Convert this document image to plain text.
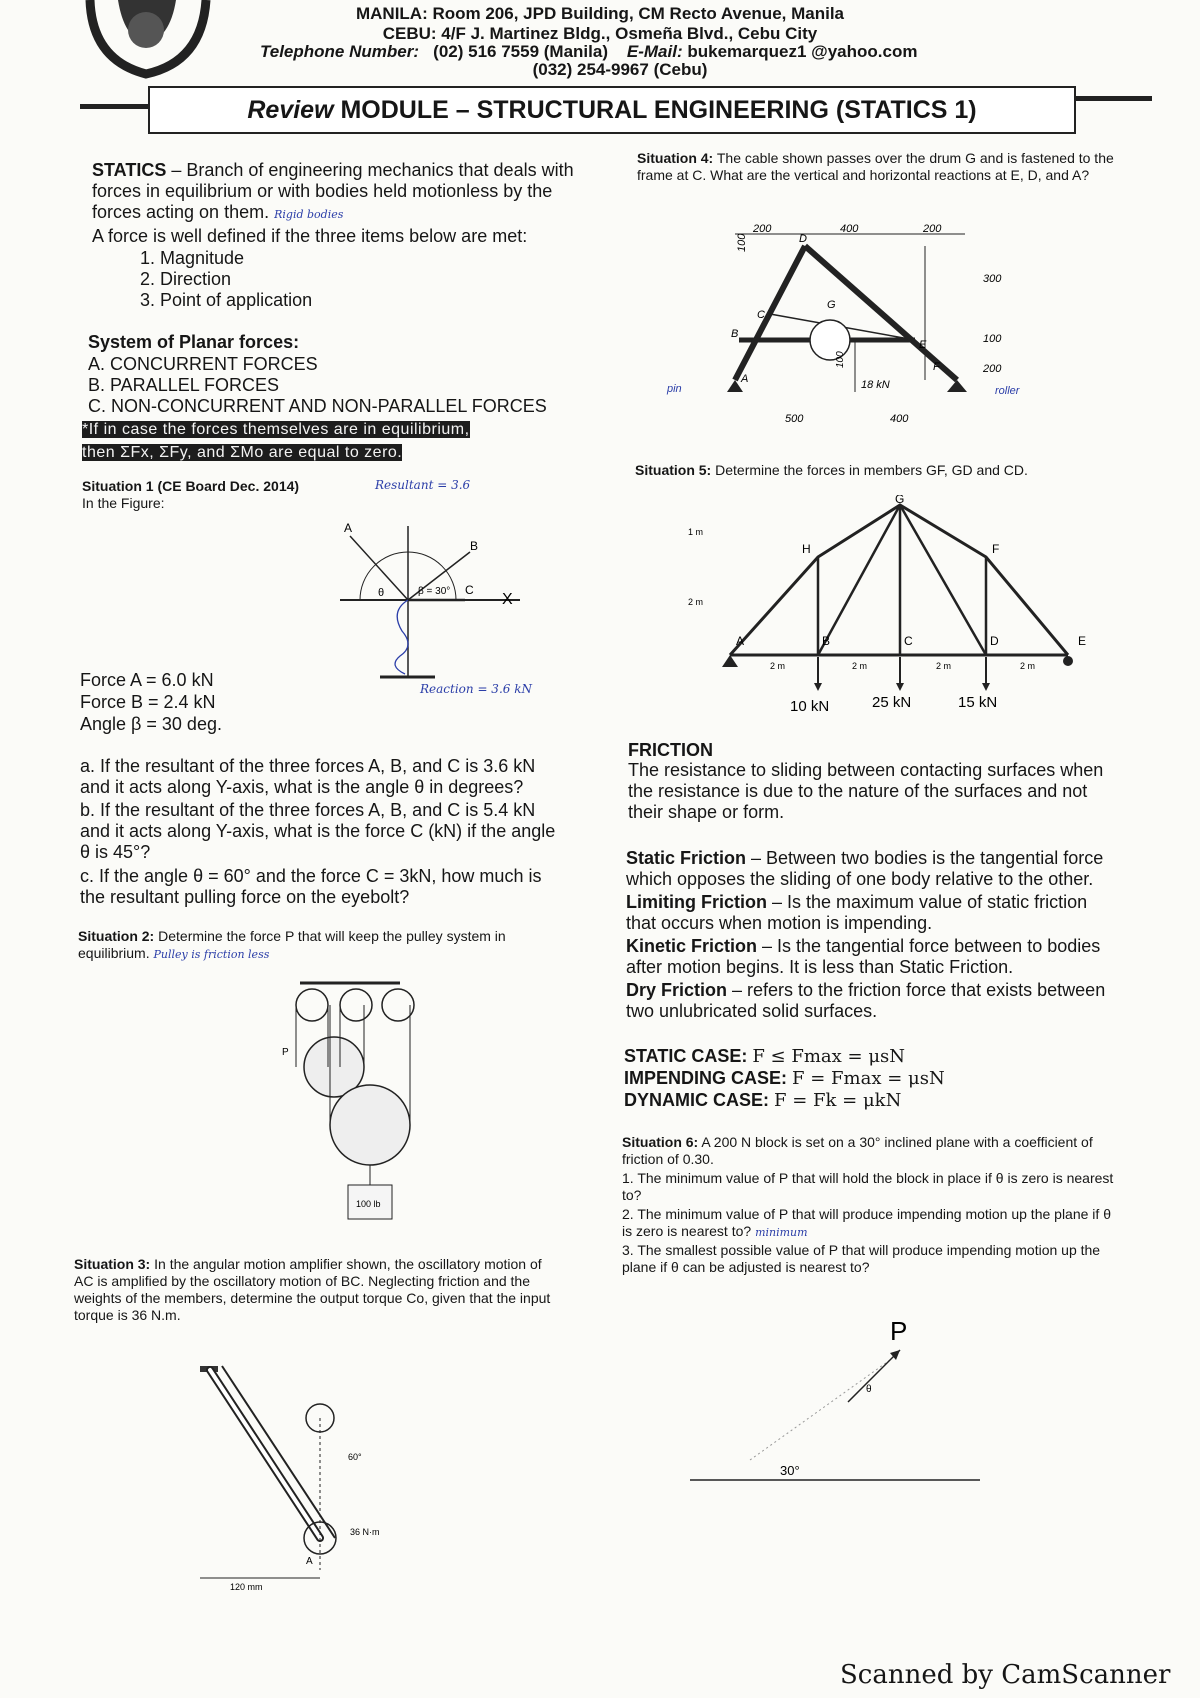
MANILA: Room 206, JPD Building, CM Recto Avenue, Manila
CEBU: 4/F J. Martinez Bldg., Osmeña Blvd., Cebu City
Telephone Number: (02) 516 7559 (Manila) E-Mail: bukemarquez1 @yahoo.com
(032) 254-9967 (Cebu)
Review
MODULE – STRUCTURAL ENGINEERING (STATICS 1)
STATICS – Branch of engineering mechanics that deals with forces in equilibrium or with bodies held motionless by the forces acting on them. Rigid bodies
A force is well defined if the three items below are met:
1. Magnitude
2. Direction
3. Point of application
System of Planar forces:
A. CONCURRENT FORCES
B. PARALLEL FORCES
C. NON-CONCURRENT AND NON-PARALLEL FORCES
*If in case the forces themselves are in equilibrium,
then ΣFx, ΣFy, and ΣMo are equal to zero.
Situation 1 (CE Board Dec. 2014)
In the Figure:
Resultant = 3.6
A
B
C
X
θ	β = 30°
Reaction = 3.6 kN
Force A = 6.0 kN
Force B = 2.4 kN
Angle β = 30 deg.
a. If the resultant of the three forces A, B, and C is 3.6 kN and it acts along Y-axis, what is the angle θ in degrees?
b. If the resultant of the three forces A, B, and C is 5.4 kN and it acts along Y-axis, what is the force C (kN) if the angle θ is 45°?
c. If the angle θ = 60° and the force C = 3kN, how much is the resultant pulling force on the eyebolt?
Situation 2: Determine the force P that will keep the pulley system in equilibrium. Pulley is friction less
100 lb
P
Situation 3: In the angular motion amplifier shown, the oscillatory motion of AC is amplified by the oscillatory motion of BC. Neglecting friction and the weights of the members, determine the output torque Co, given that the input torque is 36 N.m.
120 mm
36 N·m
60°
A
Situation 4: The cable shown passes over the drum G and is fastened to the frame at C. What are the vertical and horizontal reactions at E, D, and A?
200	400	200
100
B
D
C
G
E
F
A
300
100
200
100
18 kN
500	400
pin	roller
Situation 5: Determine the forces in members GF, GD and CD.
G
H	F
A	B	C	D	E
1 m
2 m
2 m	2 m	2 m	2 m
10 kN	25 kN	15 kN
FRICTION
The resistance to sliding between contacting surfaces when the resistance is due to the nature of the surfaces and not their shape or form.
Static Friction – Between two bodies is the tangential force which opposes the sliding of one body relative to the other.
Limiting Friction – Is the maximum value of static friction that occurs when motion is impending.
Kinetic Friction – Is the tangential force between to bodies after motion begins. It is less than Static Friction.
Dry Friction – refers to the friction force that exists between two unlubricated solid surfaces.
STATIC CASE: F ≤ Fmax = μsN
IMPENDING CASE: F = Fmax = μsN
DYNAMIC CASE: F = Fk = μkN
Situation 6: A 200 N block is set on a 30° inclined plane with a coefficient of friction of 0.30.
1. The minimum value of P that will hold the block in place if θ is zero is nearest to?
2. The minimum value of P that will produce impending motion up the plane if θ is zero is nearest to? minimum
3. The smallest possible value of P that will produce impending motion up the plane if θ can be adjusted is nearest to?
P
30°
θ
Scanned by CamScanner
